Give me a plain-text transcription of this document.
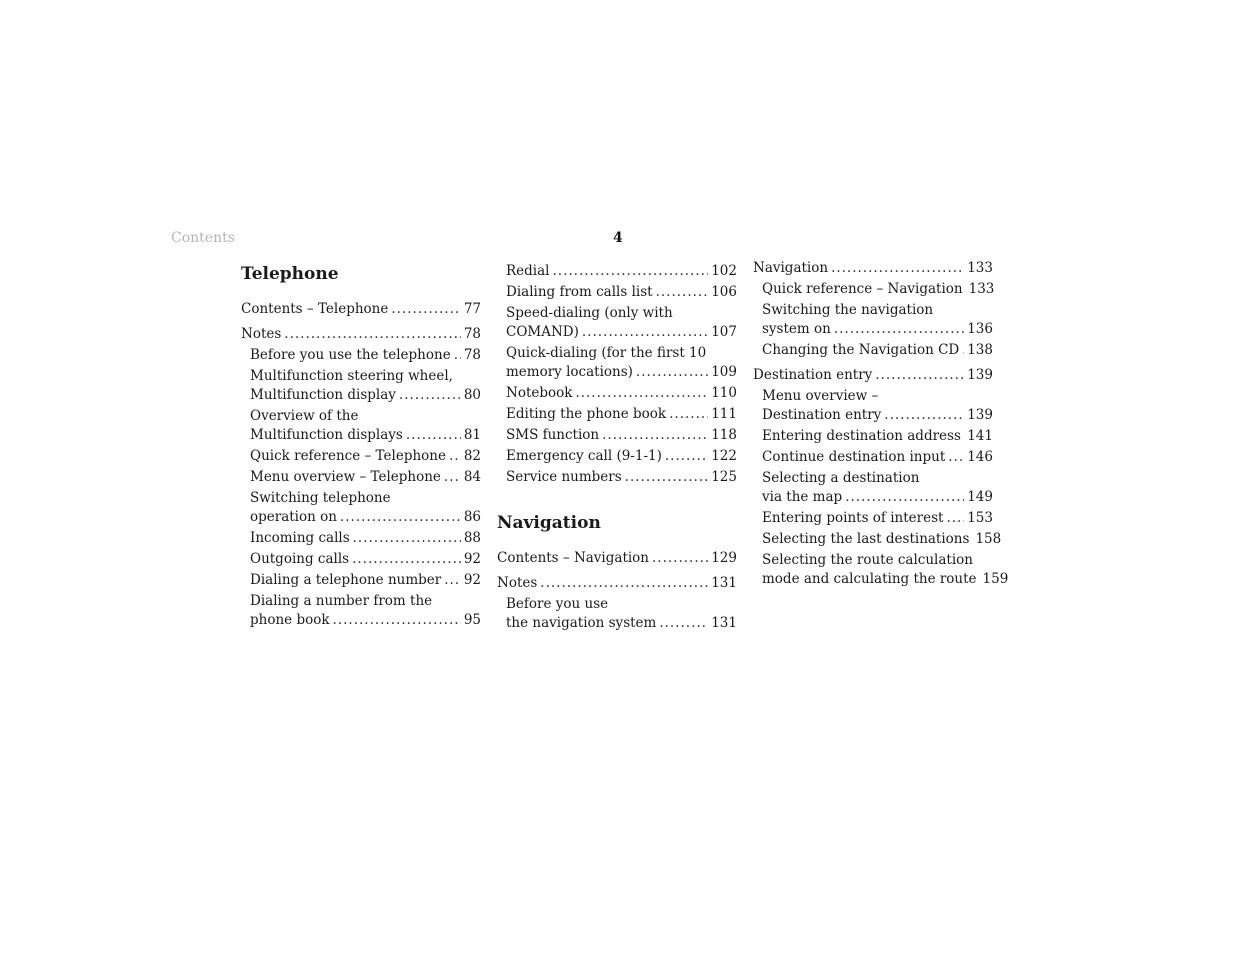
Contents	4
Telephone
Contents – Telephone .....	77
Notes .....	78
Before you use the telephone ..... 78
Multifunction steering wheel,
Multifunction display .....	80
Overview of the
Multifunction displays .....	81
Quick reference – Telephone ..... 82
Menu overview – Telephone ..... 84
Switching telephone
operation on .....	86
Incoming calls .....	88
Outgoing calls .....	92
Dialing a telephone number ..... 92
Dialing a number from the
phone book .....	95
Redial .....	102
Dialing from calls list .....	106
Speed-dialing (only with
COMAND) .....	107
Quick-dialing (for the first 10
memory locations) .....	109
Notebook .....	110
Editing the phone book .....	111
SMS function .....	118
Emergency call (9-1-1) .....	122
Service numbers .....	125
Navigation
Contents – Navigation .....	129
Notes .....	131
Before you use
the navigation system .....	131
Navigation .....	133
Quick reference – Navigation 133
Switching the navigation
system on .....	136
Changing the Navigation CD ..... 138
Destination entry .....	139
Menu overview –
Destination entry .....	139
Entering destination address ..... 141
Continue destination input ..... 146
Selecting a destination
via the map .....	149
Entering points of interest ..... 153
Selecting the last destinations 158
Selecting the route calculation
mode and calculating the route 159
